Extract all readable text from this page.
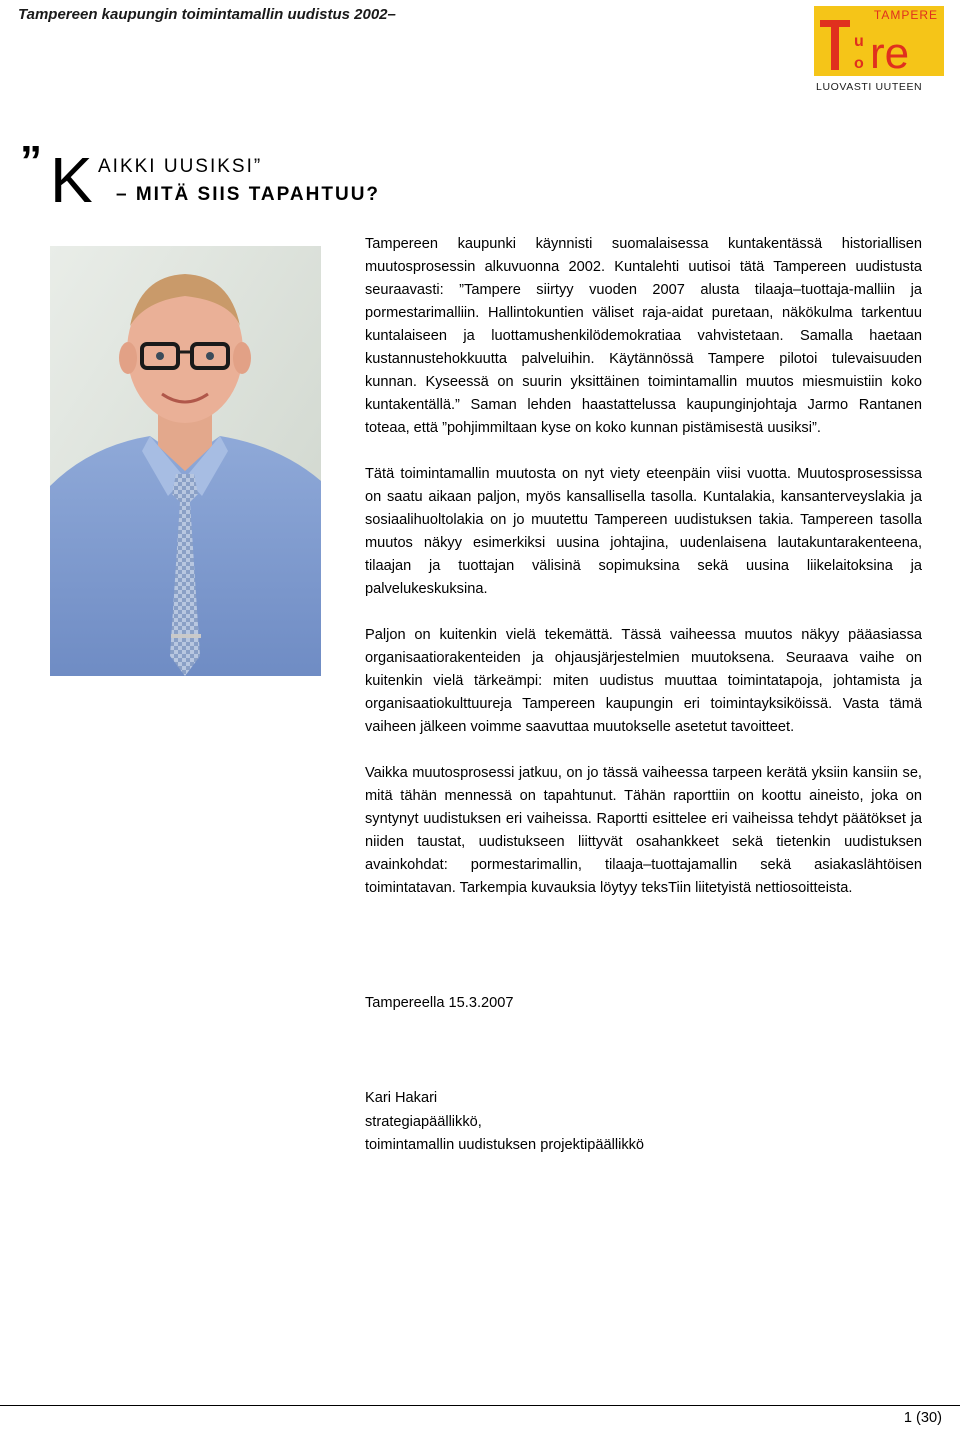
Tampereen kaupungin toimintamallin uudistus 2002–	TAMPERE
u
o re
LUOVASTI UUTEEN
” K AIKKI UUSIKSI”
– MITÄ SIIS TAPAHTUU?

Tampereen kaupunki käynnisti suomalaisessa kuntakentässä historiallisen muutosprosessin alkuvuonna 2002. Kuntalehti uutisoi tätä Tampereen uudistusta seuraavasti: ”Tampere siirtyy vuoden 2007 alusta tilaaja–tuottaja-malliin ja pormestarimalliin. Hallintokuntien väliset raja-aidat puretaan, näkökulma tarkentuu kuntalaiseen ja luottamushenkilödemokratiaa vahvistetaan. Samalla haetaan kustannustehokkuutta palveluihin. Käytännössä Tampere pilotoi tulevaisuuden kunnan. Kyseessä on suurin yksittäinen toimintamallin muutos miesmuistiin koko kuntakentällä.” Saman lehden haastattelussa kaupunginjohtaja Jarmo Rantanen toteaa, että ”pohjimmiltaan kyse on koko kunnan pistämisestä uusiksi”.

Tätä toimintamallin muutosta on nyt viety eteenpäin viisi vuotta. Muutosprosessissa on saatu aikaan paljon, myös kansallisella tasolla. Kuntalakia, kansanterveyslakia ja sosiaalihuoltolakia on jo muutettu Tampereen uudistuksen takia. Tampereen tasolla muutos näkyy esimerkiksi uusina johtajina, uudenlaisena lautakuntarakenteena, tilaajan ja tuottajan välisinä sopimuksina sekä uusina liikelaitoksina ja palvelukeskuksina.

Paljon on kuitenkin vielä tekemättä. Tässä vaiheessa muutos näkyy pääasiassa organisaatiorakenteiden ja ohjausjärjestelmien muutoksena. Seuraava vaihe on kuitenkin vielä tärkeämpi: miten uudistus muuttaa toimintatapoja, johtamista ja organisaatiokulttuureja Tampereen kaupungin eri toimintayksiköissä. Vasta tämä vaiheen jälkeen voimme saavuttaa muutokselle asetetut tavoitteet.

Vaikka muutosprosessi jatkuu, on jo tässä vaiheessa tarpeen kerätä yksiin kansiin se, mitä tähän mennessä on tapahtunut. Tähän raporttiin on koottu aineisto, joka on syntynyt uudistuksen eri vaiheissa. Raportti esittelee eri vaiheissa tehdyt päätökset ja niiden taustat, uudistukseen liittyvät osahankkeet sekä tietenkin uudistuksen avainkohdat: pormestarimallin, tilaaja–tuottajamallin sekä asiakaslähtöisen toimintatavan. Tarkempia kuvauksia löytyy teksTiin liitetyistä nettiosoitteista.

Tampereella 15.3.2007
Kari Hakari
strategiapäällikkö,
toimintamallin uudistuksen projektipäällikkö
1 (30)
